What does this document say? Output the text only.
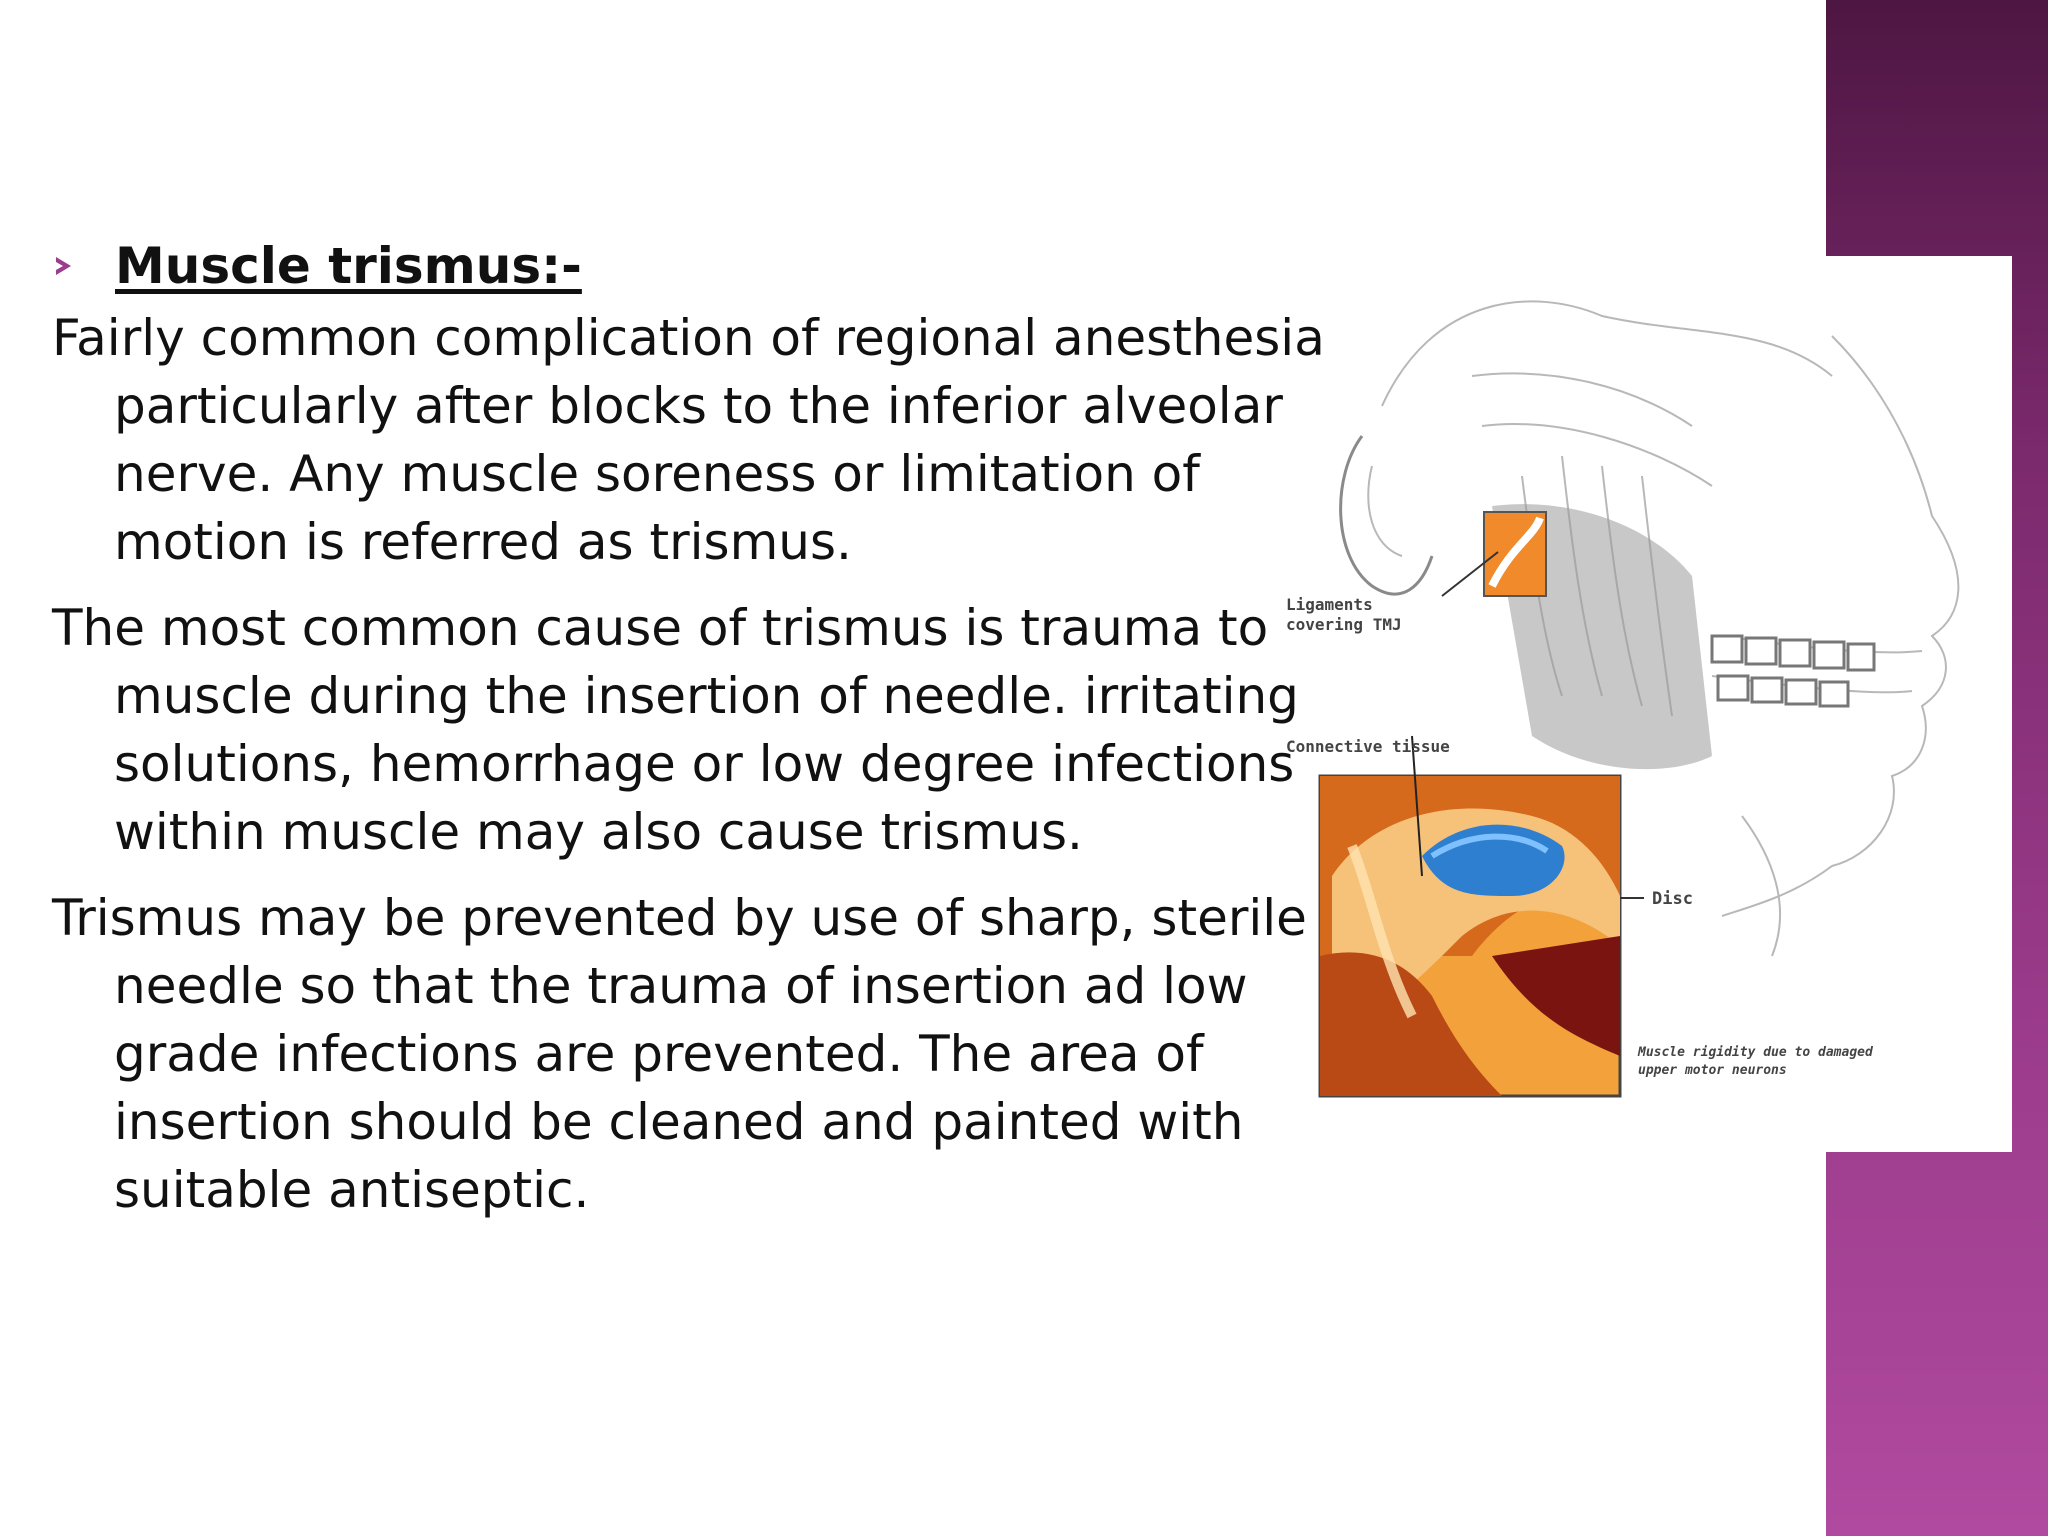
Ligaments
covering TMJ
Connective tissue
Disc
Muscle rigidity due to damaged
upper motor neurons
Muscle trismus:-

Fairly common complication of regional anesthesia particularly after blocks to the inferior alveolar nerve. Any muscle soreness or limitation of motion is referred as trismus.

The most common cause of trismus is trauma to muscle during the insertion of needle. irritating solutions, hemorrhage or low degree infections within muscle may also cause trismus.

Trismus may be prevented by use of sharp, sterile needle so that the trauma of insertion ad low grade infections are prevented. The area of insertion should be cleaned and painted with suitable antiseptic.
